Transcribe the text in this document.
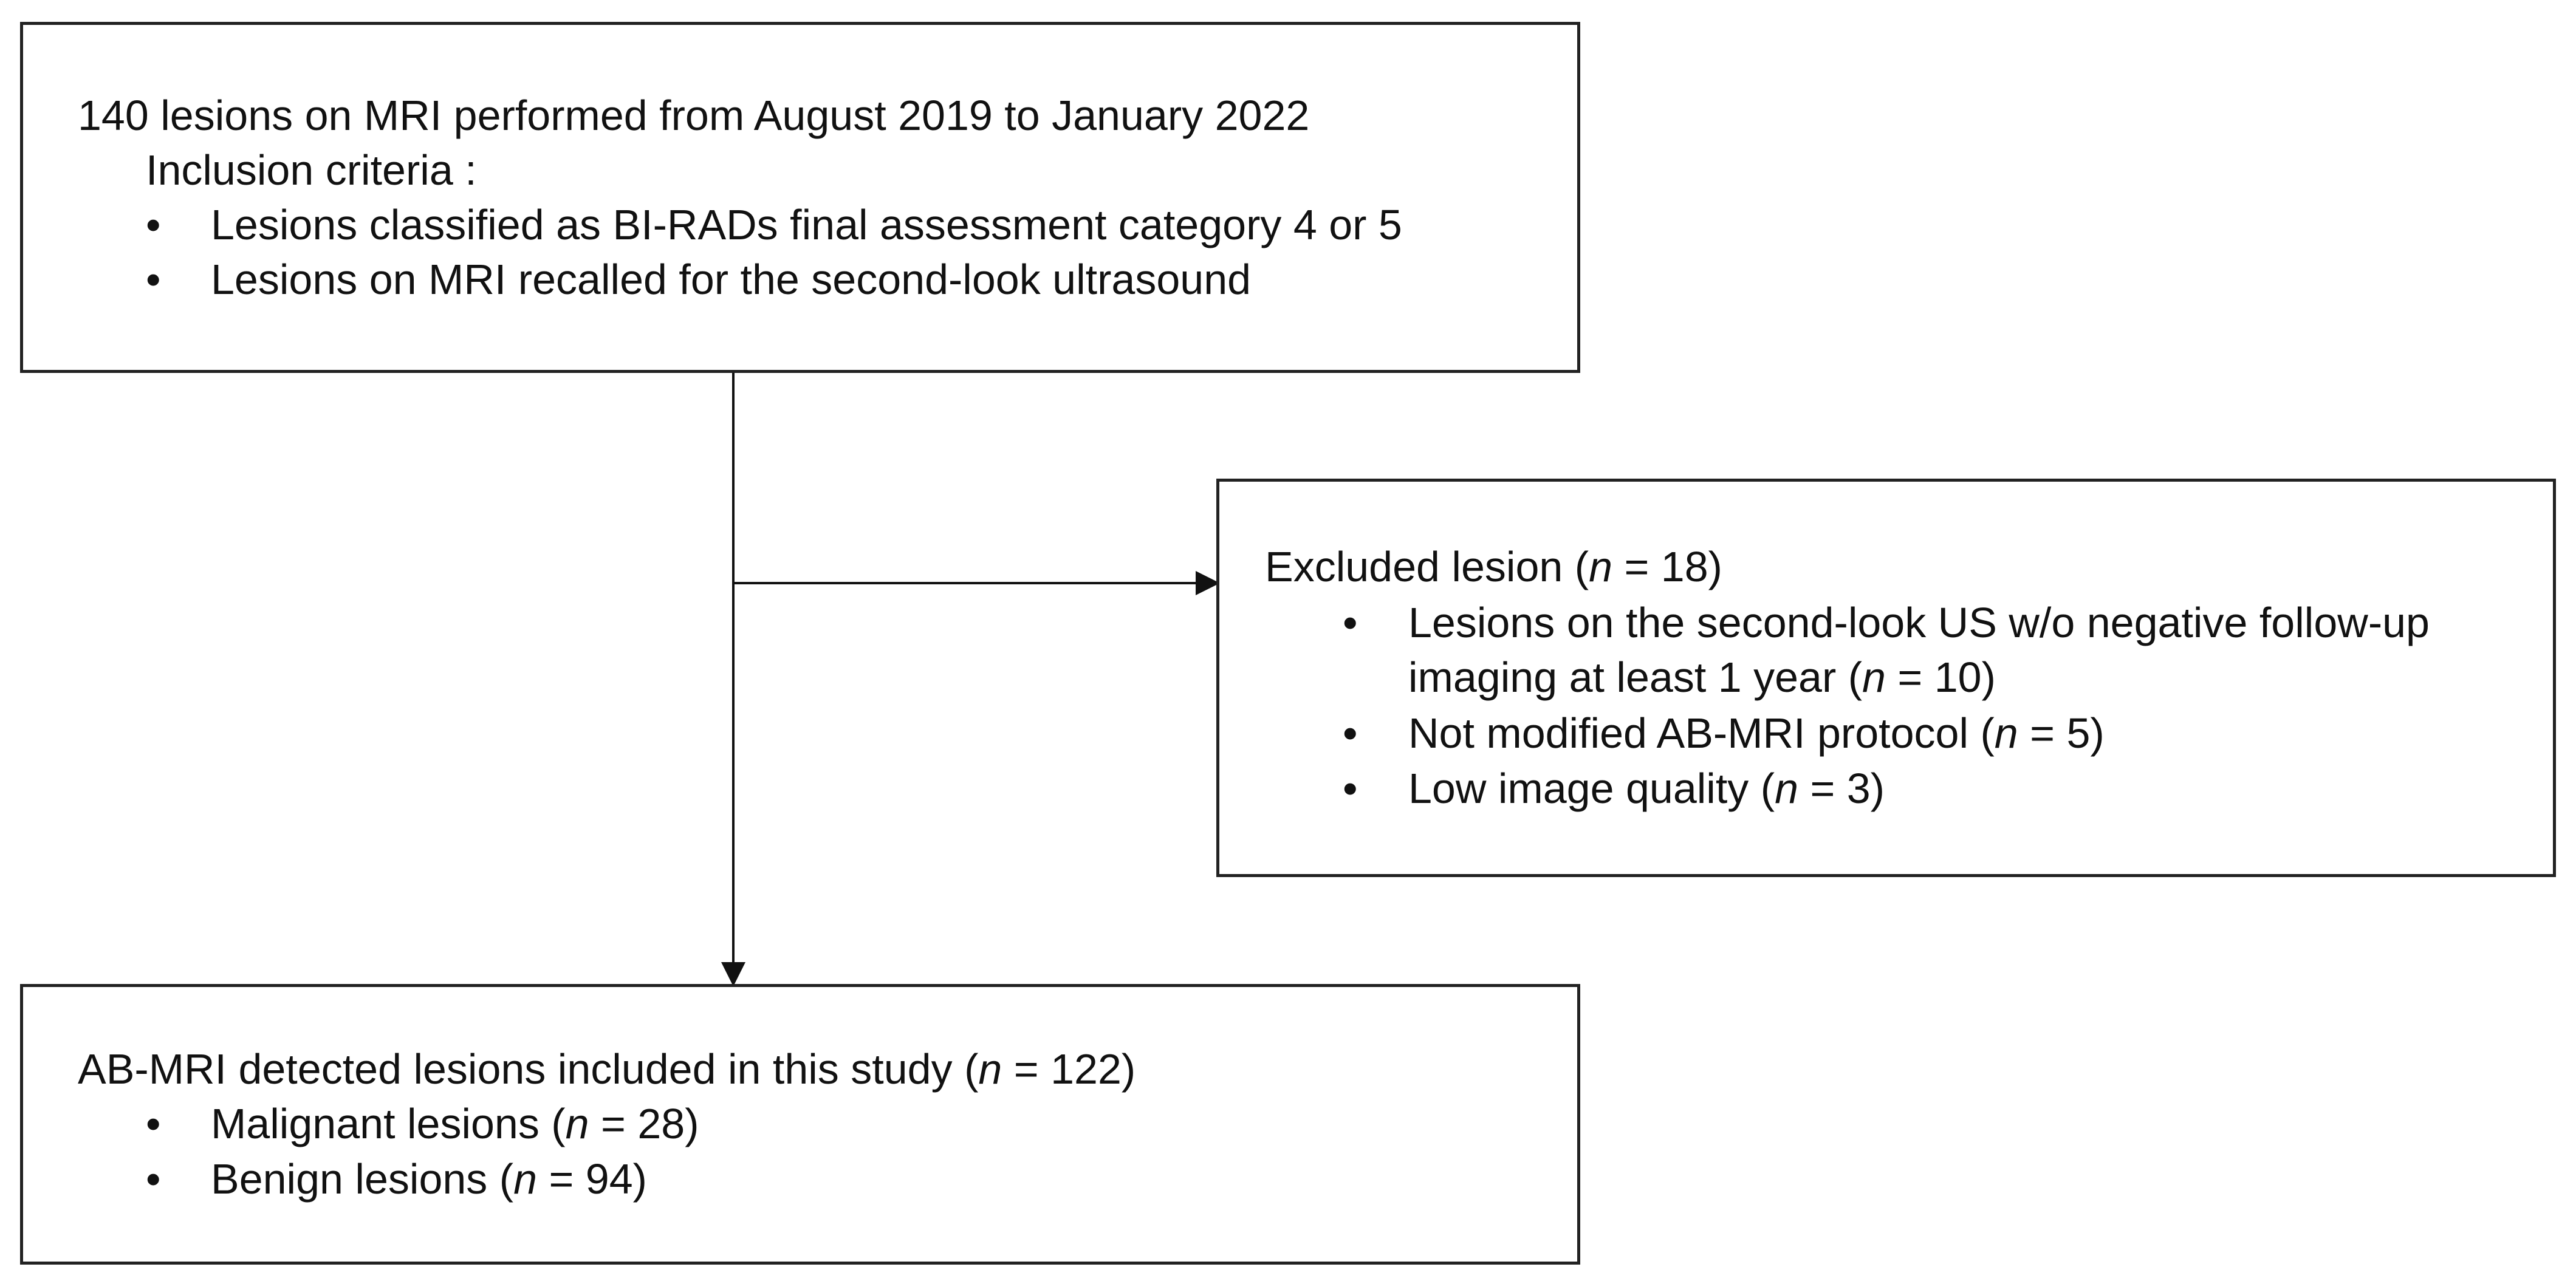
140 lesions on MRI performed from August 2019 to January 2022
Inclusion criteria :
• Lesions classified as BI-RADs final assessment category 4 or 5
• Lesions on MRI recalled for the second-look ultrasound
Excluded lesion (n = 18)
• Lesions on the second-look US w/o negative follow-up
imaging at least 1 year (n = 10)
• Not modified AB-MRI protocol (n = 5)
• Low image quality (n = 3)
AB-MRI detected lesions included in this study (n = 122)
• Malignant lesions (n = 28)
• Benign lesions (n = 94)
